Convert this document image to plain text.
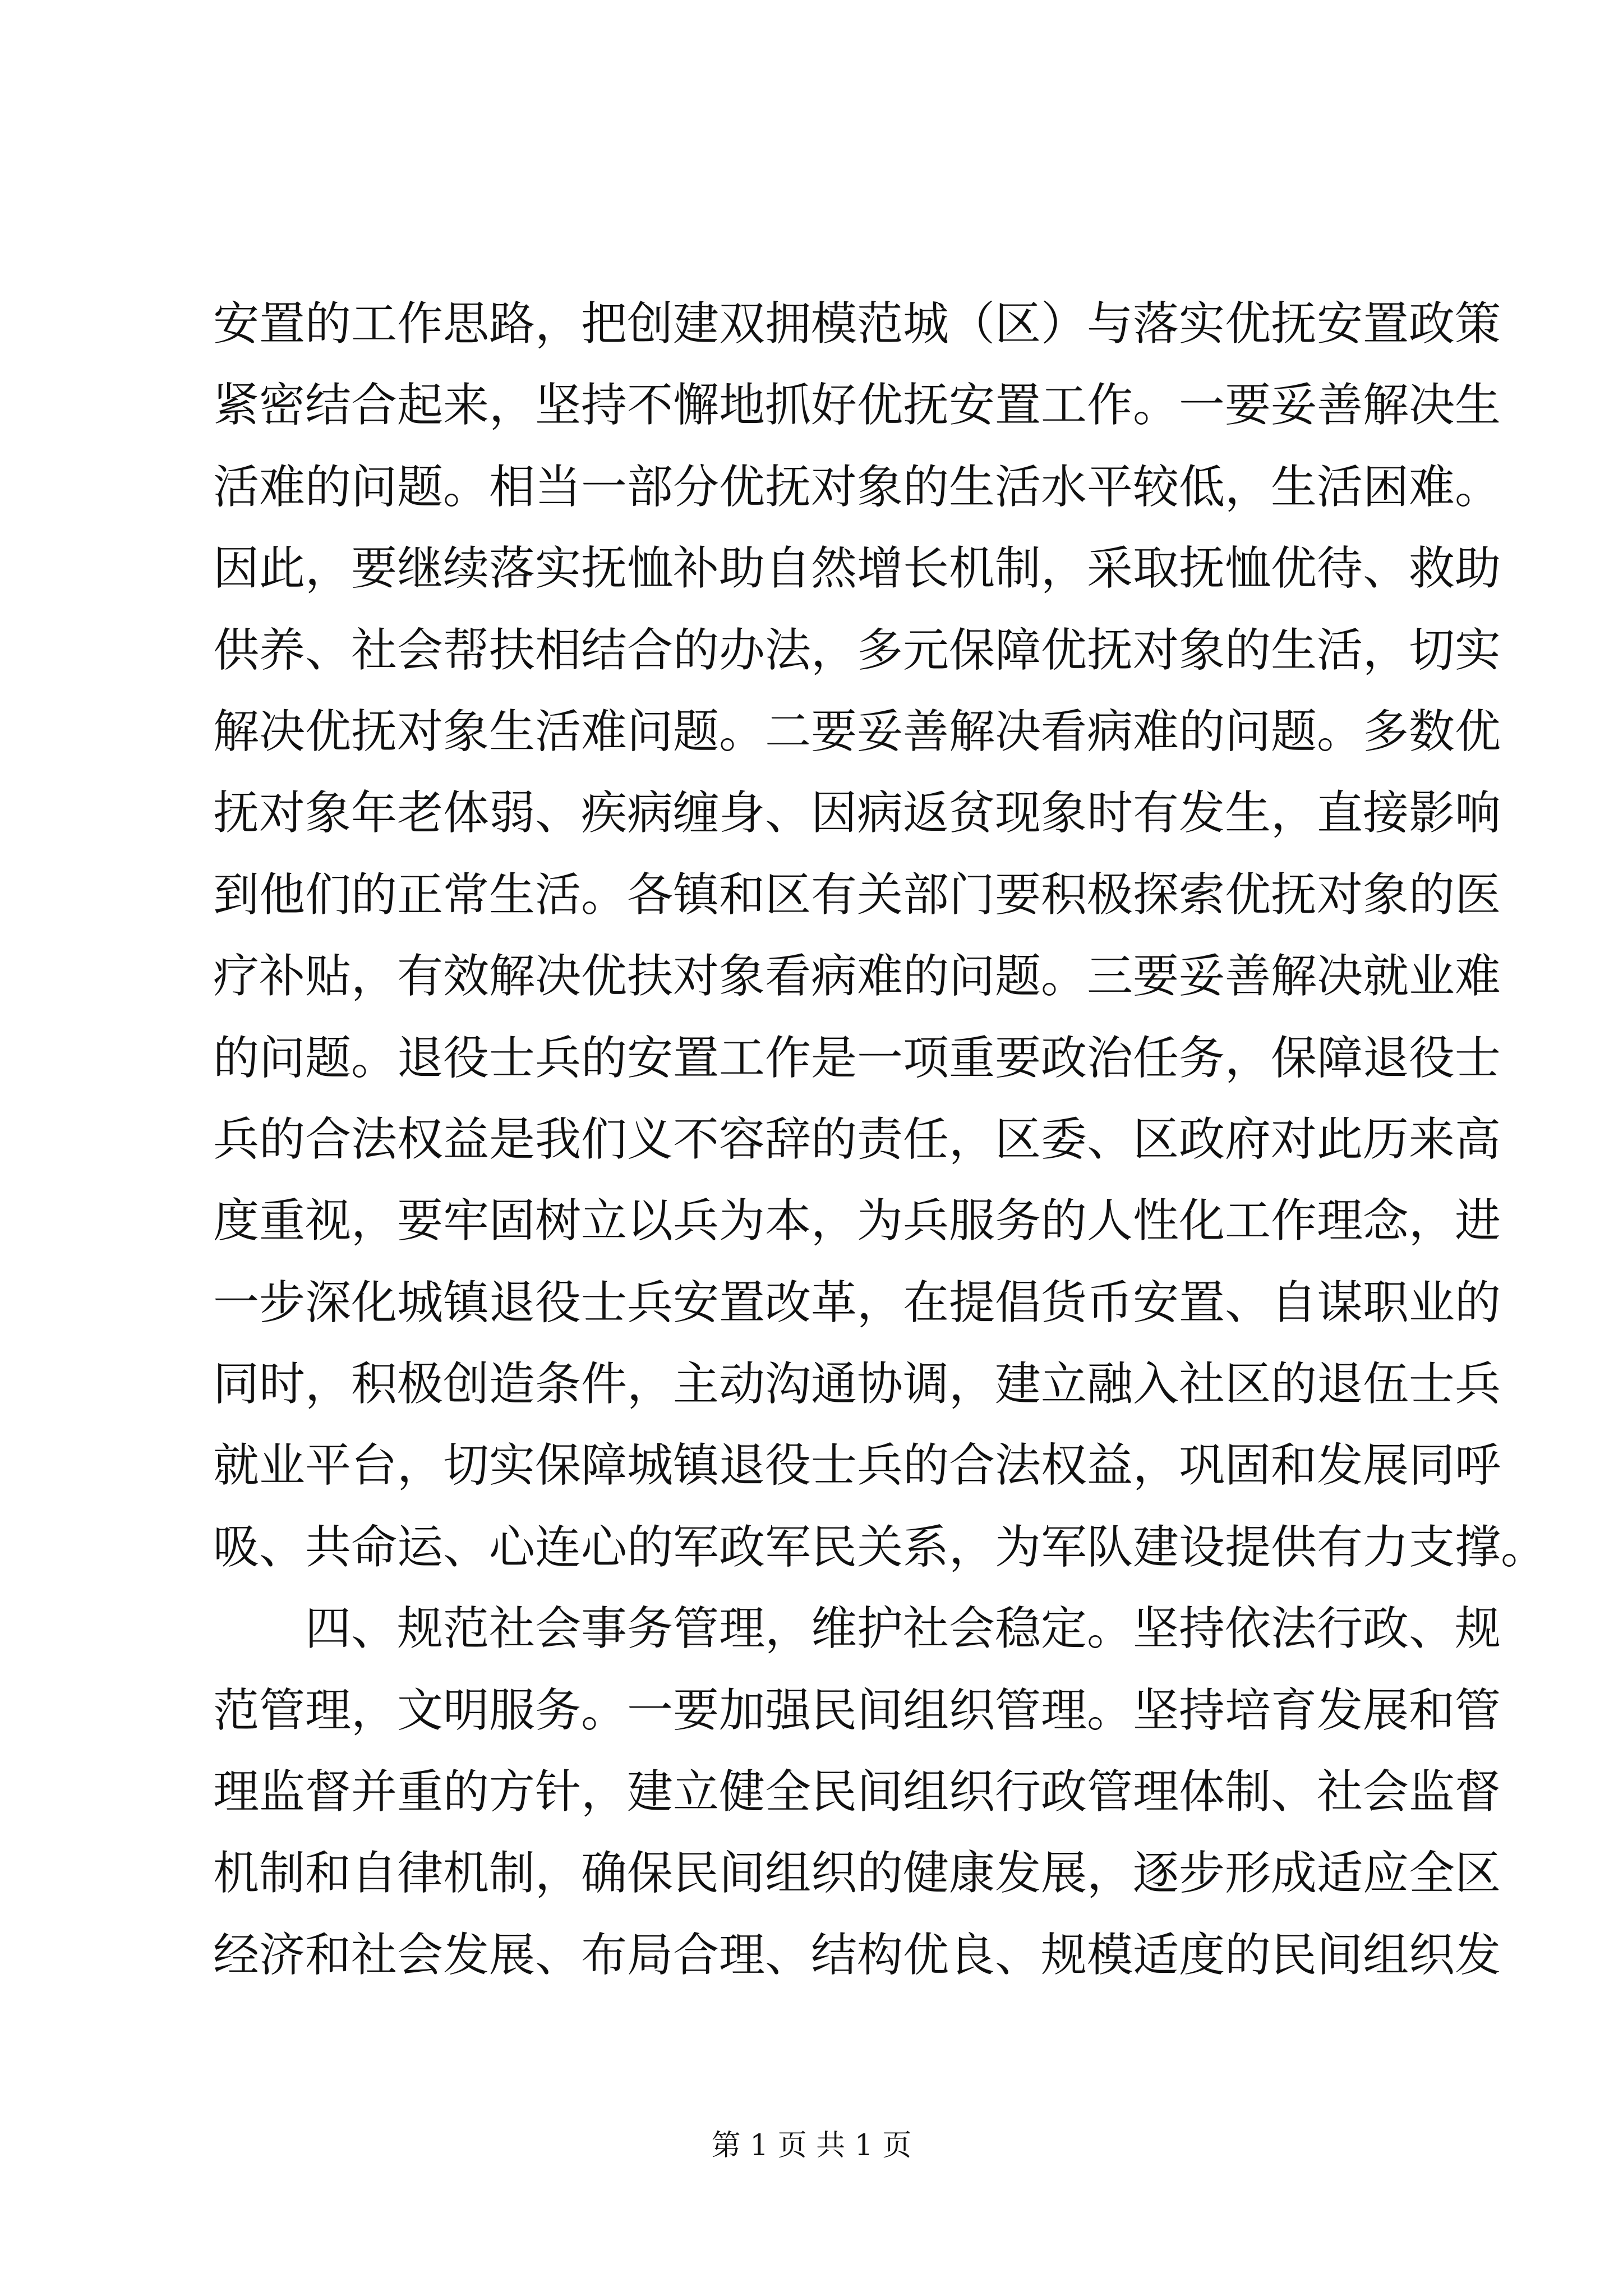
安置的工作思路，把创建双拥模范城（区）与落实优抚安置政策
紧密结合起来，坚持不懈地抓好优抚安置工作。一要妥善解决生
活难的问题。相当一部分优抚对象的生活水平较低，生活困难。
因此，要继续落实抚恤补助自然增长机制，采取抚恤优待、救助
供养、社会帮扶相结合的办法，多元保障优抚对象的生活，切实
解决优抚对象生活难问题。二要妥善解决看病难的问题。多数优
抚对象年老体弱、疾病缠身、因病返贫现象时有发生，直接影响
到他们的正常生活。各镇和区有关部门要积极探索优抚对象的医
疗补贴，有效解决优扶对象看病难的问题。三要妥善解决就业难
的问题。退役士兵的安置工作是一项重要政治任务，保障退役士
兵的合法权益是我们义不容辞的责任，区委、区政府对此历来高
度重视，要牢固树立以兵为本，为兵服务的人性化工作理念，进
一步深化城镇退役士兵安置改革，在提倡货币安置、自谋职业的
同时，积极创造条件，主动沟通协调，建立融入社区的退伍士兵
就业平台，切实保障城镇退役士兵的合法权益，巩固和发展同呼
吸、共命运、心连心的军政军民关系，为军队建设提供有力支撑。
四、规范社会事务管理，维护社会稳定。坚持依法行政、规
范管理，文明服务。一要加强民间组织管理。坚持培育发展和管
理监督并重的方针，建立健全民间组织行政管理体制、社会监督
机制和自律机制，确保民间组织的健康发展，逐步形成适应全区
经济和社会发展、布局合理、结构优良、规模适度的民间组织发
第 1 页 共 1 页
